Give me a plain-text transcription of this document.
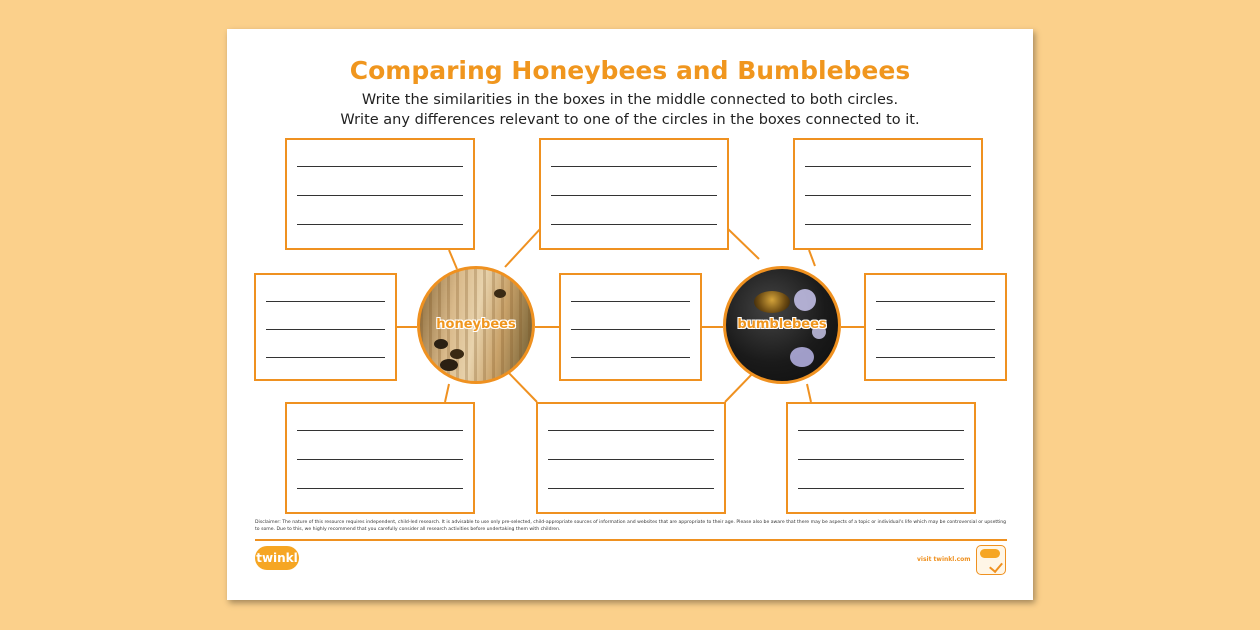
Comparing Honeybees and Bumblebees
Write the similarities in the boxes in the middle connected to both circles.
Write any differences relevant to one of the circles in the boxes connected to it.
honeybees	bumblebees
Disclaimer: The nature of this resource requires independent, child-led research. It is advisable to use only pre-selected, child-appropriate sources of information and websites that are appropriate to their age. Please also be aware that there may be aspects of a topic or individual's life which may be controversial or upsetting to some. Due to this, we highly recommend that you carefully consider all research activities before undertaking them with children.
twinkl	visit twinkl.com
